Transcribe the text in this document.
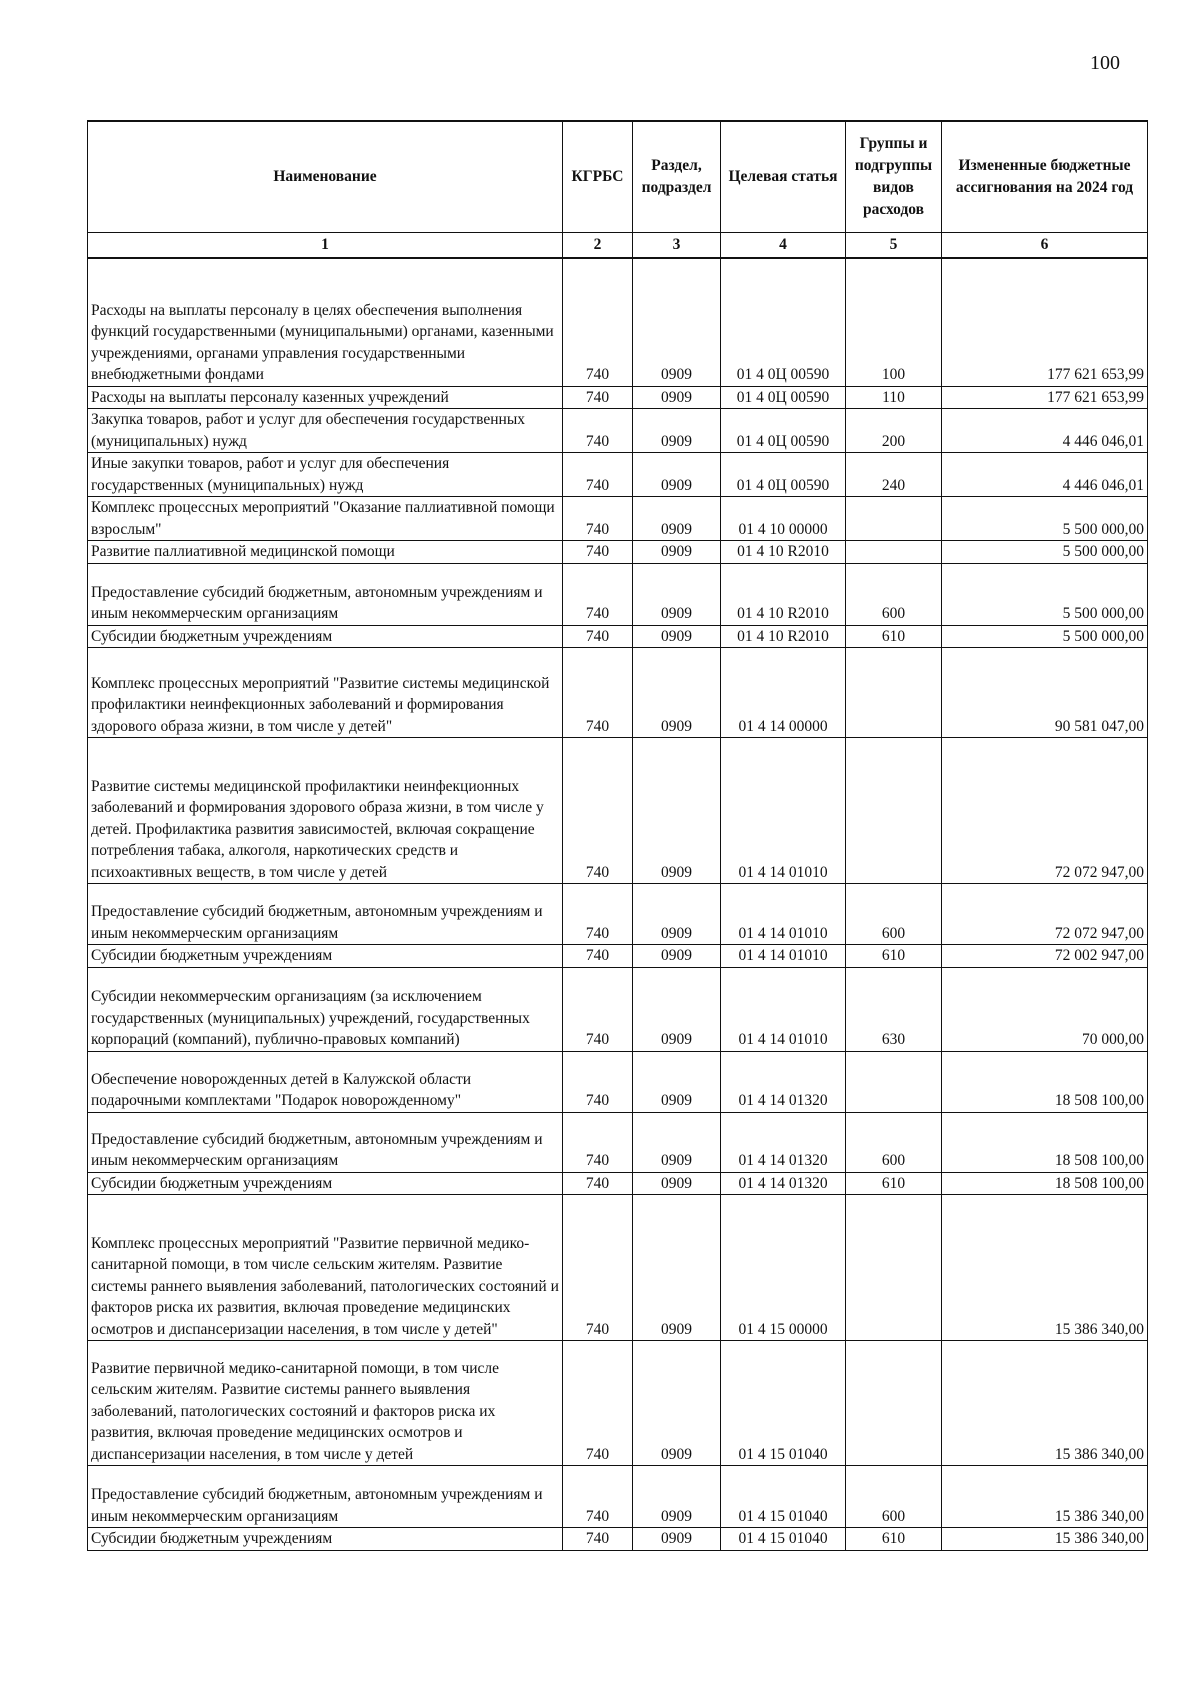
100
Наименование	КГРБС	Раздел, подраздел	Целевая статья	Группы и подгруппы видов расходов	Измененные бюджетные ассигнования на 2024 год
1	2	3	4	5	6
Расходы на выплаты персоналу в целях обеспечения выполнения функций государственными (муниципальными) органами, казенными учреждениями, органами управления государственными внебюджетными фондами	740	0909	01 4 0Ц 00590	100	177 621 653,99
Расходы на выплаты персоналу казенных учреждений	740	0909	01 4 0Ц 00590	110	177 621 653,99
Закупка товаров, работ и услуг для обеспечения государственных (муниципальных) нужд	740	0909	01 4 0Ц 00590	200	4 446 046,01
Иные закупки товаров, работ и услуг для обеспечения государственных (муниципальных) нужд	740	0909	01 4 0Ц 00590	240	4 446 046,01
Комплекс процессных мероприятий "Оказание паллиативной помощи взрослым"	740	0909	01 4 10 00000		5 500 000,00
Развитие паллиативной медицинской помощи	740	0909	01 4 10 R2010		5 500 000,00
Предоставление субсидий бюджетным, автономным учреждениям и иным некоммерческим организациям	740	0909	01 4 10 R2010	600	5 500 000,00
Субсидии бюджетным учреждениям	740	0909	01 4 10 R2010	610	5 500 000,00
Комплекс процессных мероприятий "Развитие системы медицинской профилактики неинфекционных заболеваний и формирования здорового образа жизни, в том числе у детей"	740	0909	01 4 14 00000		90 581 047,00
Развитие системы медицинской профилактики неинфекционных заболеваний и формирования здорового образа жизни, в том числе у детей. Профилактика развития зависимостей, включая сокращение потребления табака, алкоголя, наркотических средств и психоактивных веществ, в том числе у детей	740	0909	01 4 14 01010		72 072 947,00
Предоставление субсидий бюджетным, автономным учреждениям и иным некоммерческим организациям	740	0909	01 4 14 01010	600	72 072 947,00
Субсидии бюджетным учреждениям	740	0909	01 4 14 01010	610	72 002 947,00
Субсидии некоммерческим организациям (за исключением государственных (муниципальных) учреждений, государственных корпораций (компаний), публично-правовых компаний)	740	0909	01 4 14 01010	630	70 000,00
Обеспечение новорожденных детей в Калужской области подарочными комплектами "Подарок новорожденному"	740	0909	01 4 14 01320		18 508 100,00
Предоставление субсидий бюджетным, автономным учреждениям и иным некоммерческим организациям	740	0909	01 4 14 01320	600	18 508 100,00
Субсидии бюджетным учреждениям	740	0909	01 4 14 01320	610	18 508 100,00
Комплекс процессных мероприятий "Развитие первичной медико-санитарной помощи, в том числе сельским жителям. Развитие системы раннего выявления заболеваний, патологических состояний и факторов риска их развития, включая проведение медицинских осмотров и диспансеризации населения, в том числе у детей"	740	0909	01 4 15 00000		15 386 340,00
Развитие первичной медико-санитарной помощи, в том числе сельским жителям. Развитие системы раннего выявления заболеваний, патологических состояний и факторов риска их развития, включая проведение медицинских осмотров и диспансеризации населения, в том числе у детей	740	0909	01 4 15 01040		15 386 340,00
Предоставление субсидий бюджетным, автономным учреждениям и иным некоммерческим организациям	740	0909	01 4 15 01040	600	15 386 340,00
Субсидии бюджетным учреждениям	740	0909	01 4 15 01040	610	15 386 340,00
